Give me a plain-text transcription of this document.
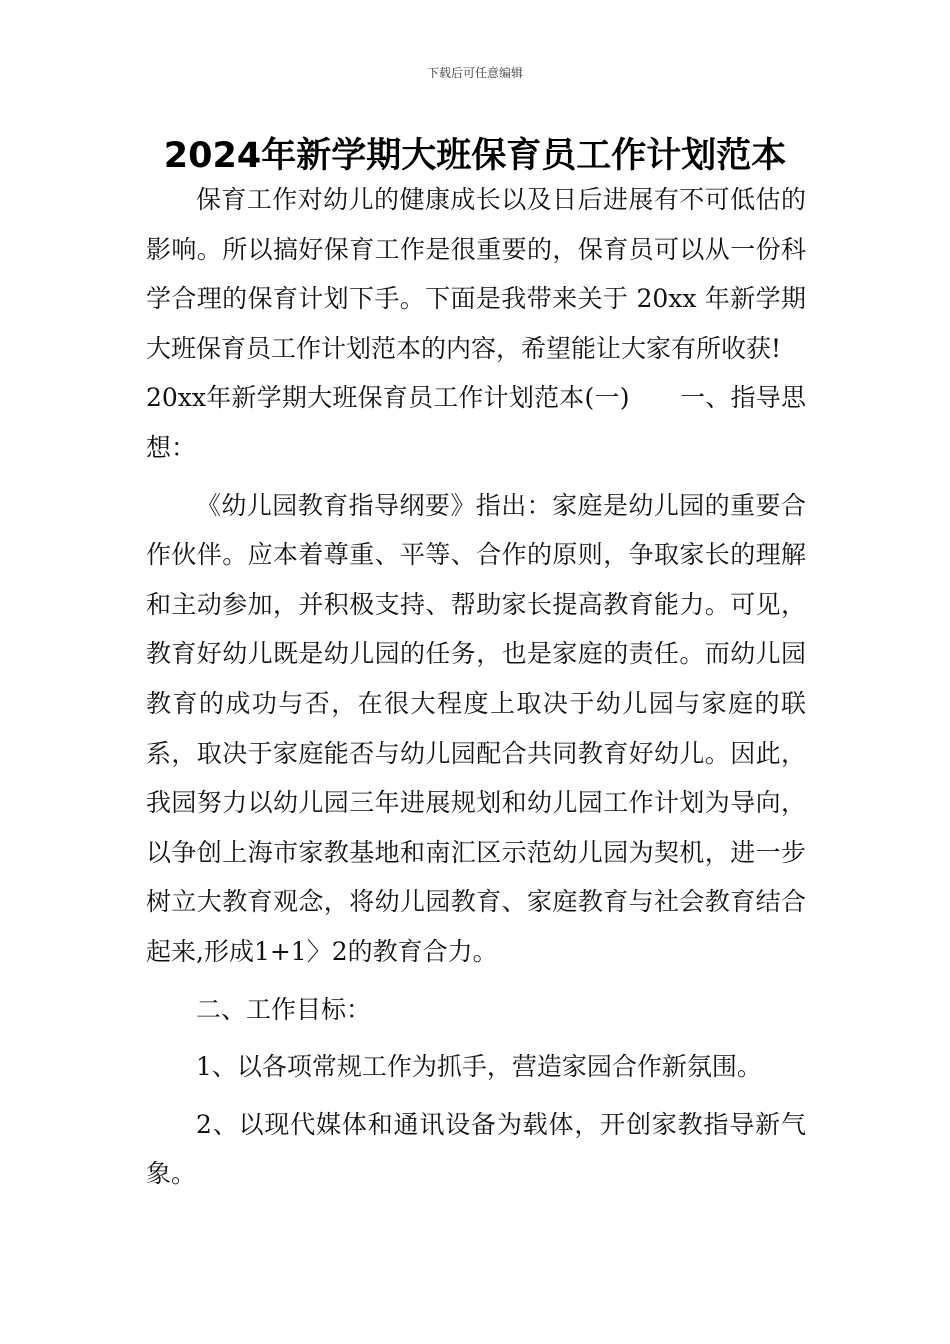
下载后可任意编辑
2024年新学期大班保育员工作计划范本

保育工作对幼儿的健康成长以及日后进展有不可低估的影响。所以搞好保育工作是很重要的，保育员可以从一份科学合理的保育计划下手。下面是我带来关于 20xx 年新学期大班保育员工作计划范本的内容，希望能让大家有所收获!

20xx年新学期大班保育员工作计划范本(一)　　一、指导思想：

《幼儿园教育指导纲要》指出：家庭是幼儿园的重要合作伙伴。应本着尊重、平等、合作的原则，争取家长的理解和主动参加，并积极支持、帮助家长提高教育能力。可见，教育好幼儿既是幼儿园的任务，也是家庭的责任。而幼儿园教育的成功与否，在很大程度上取决于幼儿园与家庭的联系，取决于家庭能否与幼儿园配合共同教育好幼儿。因此，我园努力以幼儿园三年进展规划和幼儿园工作计划为导向，以争创上海市家教基地和南汇区示范幼儿园为契机，进一步树立大教育观念，将幼儿园教育、家庭教育与社会教育结合起来,形成1+1〉2的教育合力。

二、工作目标：

1、以各项常规工作为抓手，营造家园合作新氛围。

2、以现代媒体和通讯设备为载体，开创家教指导新气象。
